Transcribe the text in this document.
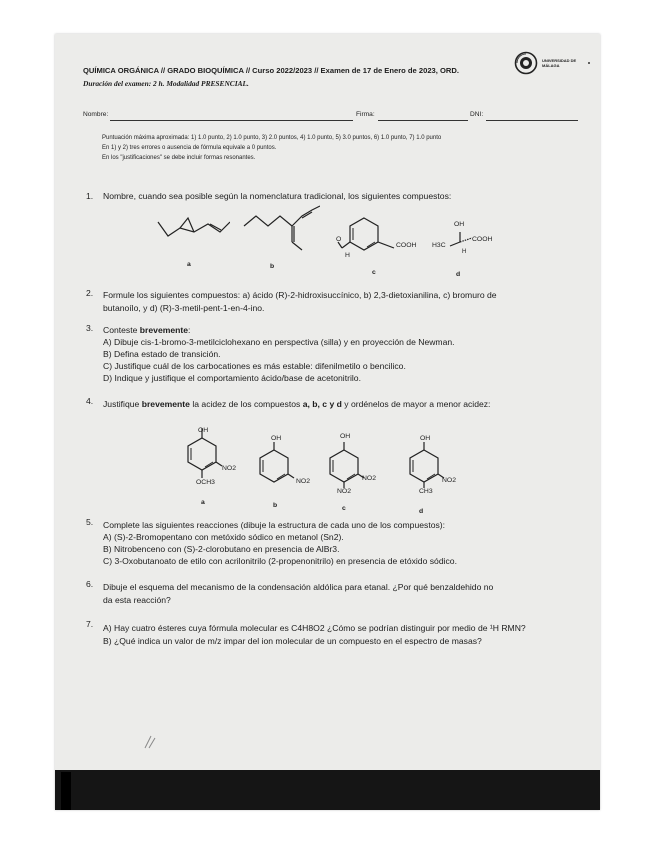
QUÍMICA ORGÁNICA // GRADO BIOQUÍMICA // Curso 2022/2023 // Examen de 17 de Enero de 2023, ORD.
Duración del examen: 2 h. Modalidad PRESENCIAL.
UNIVERSIDAD DE MÁLAGA
Nombre:	Firma:	DNI:
Puntuación máxima aproximada: 1) 1.0 punto, 2) 1.0 punto, 3) 2.0 puntos, 4) 1.0 punto, 5) 3.0 puntos, 6) 1.0 punto, 7) 1.0 punto
En 1) y 2) tres errores o ausencia de fórmula equivale a 0 puntos.
En los "justificaciones" se debe incluir formas resonantes.
1. Nombre, cuando sea posible según la nomenclatura tradicional, los siguientes compuestos:
O
H
COOH
OH
H3C
COOH
H
a	b
c	d
2. Formule los siguientes compuestos: a) ácido (R)-2-hidroxisuccínico, b) 2,3-dietoxianilina, c) bromuro de
butanoílo, y d) (R)-3-metil-pent-1-en-4-ino.
3. Conteste brevemente:
A) Dibuje cis-1-bromo-3-metilciclohexano en perspectiva (silla) y en proyección de Newman.
B) Defina estado de transición.
C) Justifique cuál de los carbocationes es más estable: difenilmetilo o bencilico.
D) Indique y justifique el comportamiento ácido/base de acetonitrilo.
4. Justifique brevemente la acidez de los compuestos a, b, c y d y ordénelos de mayor a menor acidez:
OH
NO2
OCH3
OH
NO2
OH
NO2
NO2
OH
NO2
CH3
a	b	c	d
5. Complete las siguientes reacciones (dibuje la estructura de cada uno de los compuestos):
A) (S)-2-Bromopentano con metóxido sódico en metanol (Sn2).
B) Nitrobenceno con (S)-2-clorobutano en presencia de AlBr3.
C) 3-Oxobutanoato de etilo con acrilonitrilo (2-propenonitrilo) en presencia de etóxido sódico.
6. Dibuje el esquema del mecanismo de la condensación aldólica para etanal. ¿Por qué benzaldehido no
da esta reacción?
7. A) Hay cuatro ésteres cuya fórmula molecular es C4H8O2 ¿Cómo se podrían distinguir por medio de ¹H RMN?
B) ¿Qué indica un valor de m/z impar del ion molecular de un compuesto en el espectro de masas?
